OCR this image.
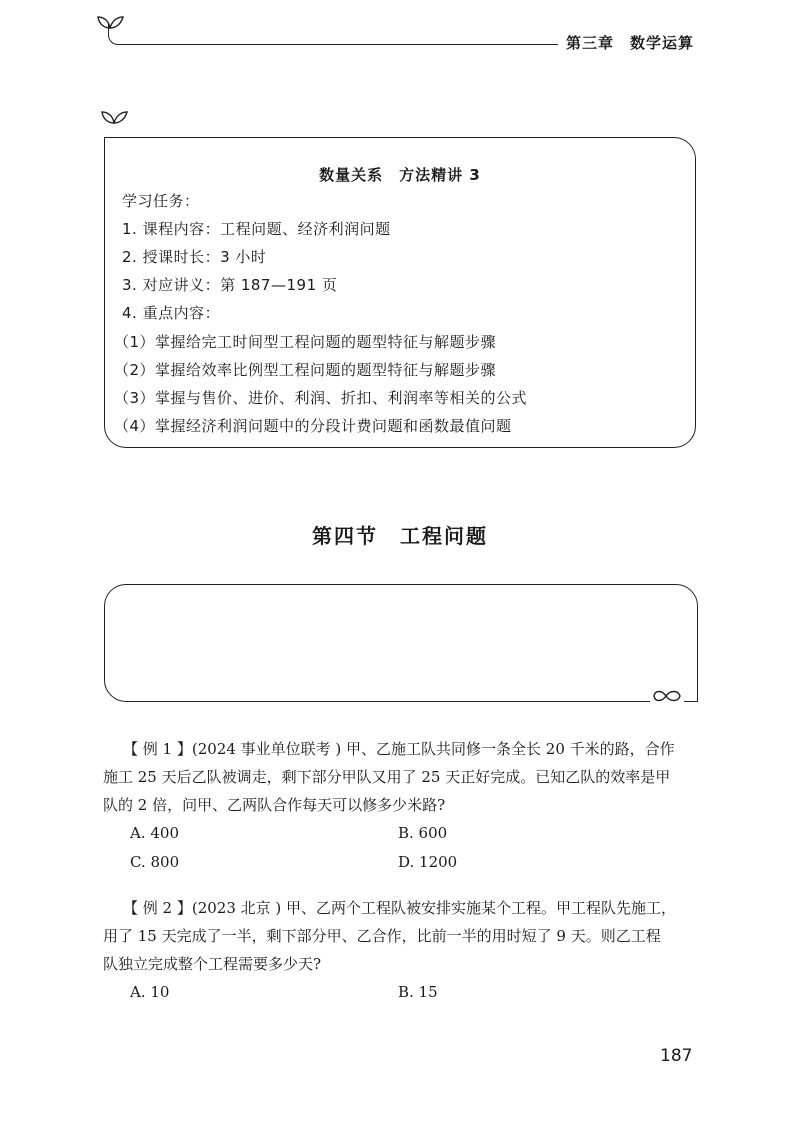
第三章　数学运算
数量关系　方法精讲 3
学习任务：
1. 课程内容：工程问题、经济利润问题
2. 授课时长：3 小时
3. 对应讲义：第 187—191 页
4. 重点内容：
（1）掌握给完工时间型工程问题的题型特征与解题步骤
（2）掌握给效率比例型工程问题的题型特征与解题步骤
（3）掌握与售价、进价、利润、折扣、利润率等相关的公式
（4）掌握经济利润问题中的分段计费问题和函数最值问题
第四节　工程问题
【 例 1 】(2024 事业单位联考 ) 甲、乙施工队共同修一条全长 20 千米的路，合作
施工 25 天后乙队被调走，剩下部分甲队又用了 25 天正好完成。已知乙队的效率是甲
队的 2 倍，问甲、乙两队合作每天可以修多少米路?
A. 400	B. 600
C. 800	D. 1200
【 例 2 】(2023 北京 ) 甲、乙两个工程队被安排实施某个工程。甲工程队先施工，
用了 15 天完成了一半，剩下部分甲、乙合作，比前一半的用时短了 9 天。则乙工程
队独立完成整个工程需要多少天?
A. 10	B. 15
187
